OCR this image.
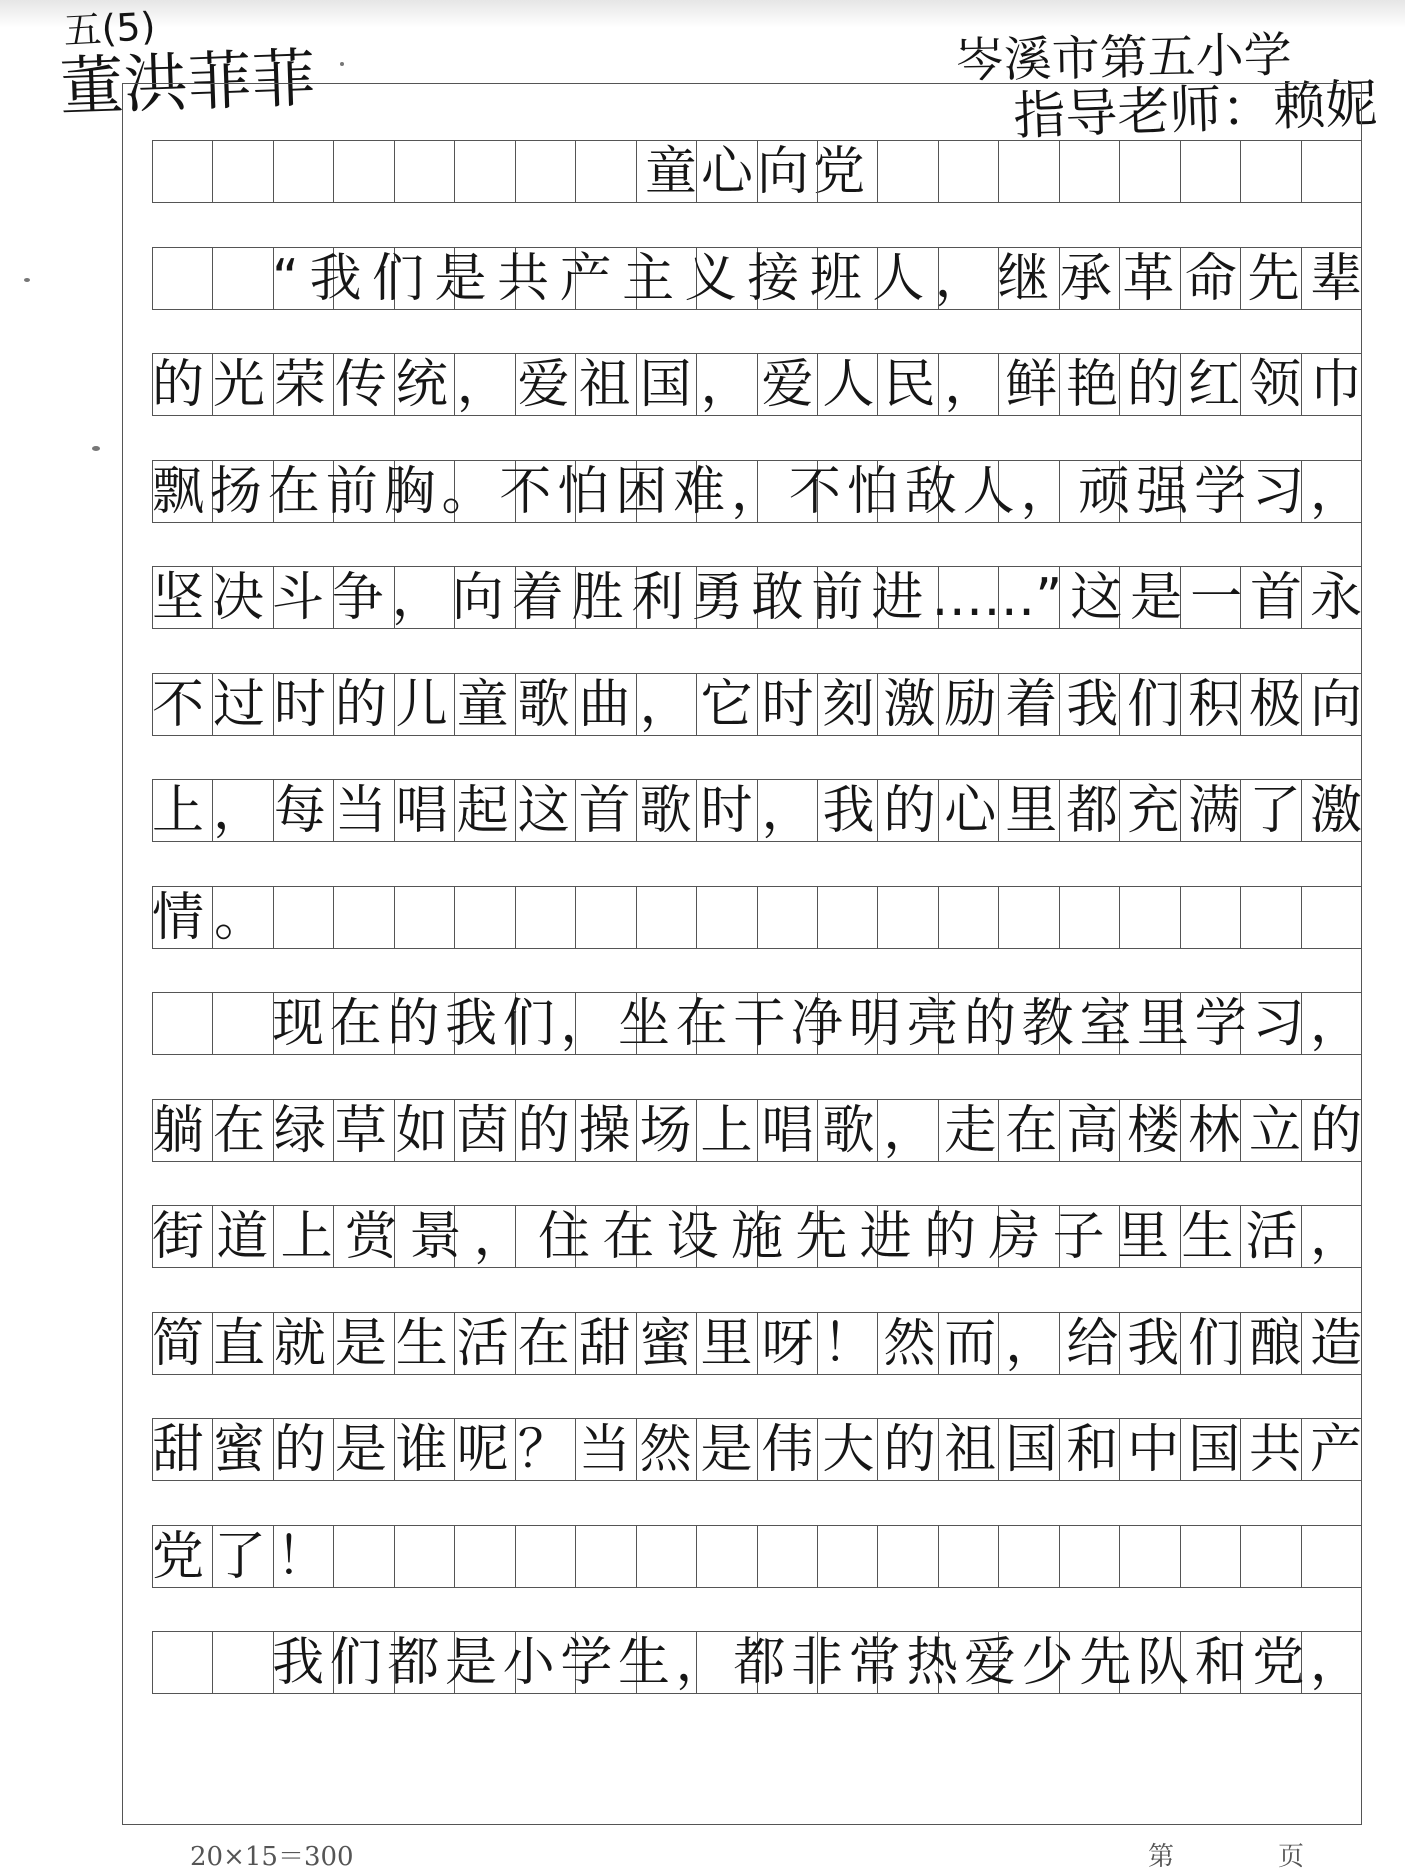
五(5)
董洪菲菲	岑溪市第五小学
指导老师：赖妮
童心向党
“我们是共产主义接班人，继承革命先辈
的光荣传统，爱祖国，爱人民，鲜艳的红领巾
飘扬在前胸。不怕困难，不怕敌人，顽强学习，
坚决斗争，向着胜利勇敢前进……”这是一首永
不过时的儿童歌曲，它时刻激励着我们积极向
上，每当唱起这首歌时，我的心里都充满了激
情。
现在的我们，坐在干净明亮的教室里学习，
躺在绿草如茵的操场上唱歌，走在高楼林立的
街道上赏景，住在设施先进的房子里生活，
简直就是生活在甜蜜里呀！然而，给我们酿造
甜蜜的是谁呢？当然是伟大的祖国和中国共产
党了！
我们都是小学生，都非常热爱少先队和党，
20×15＝300	第	页
